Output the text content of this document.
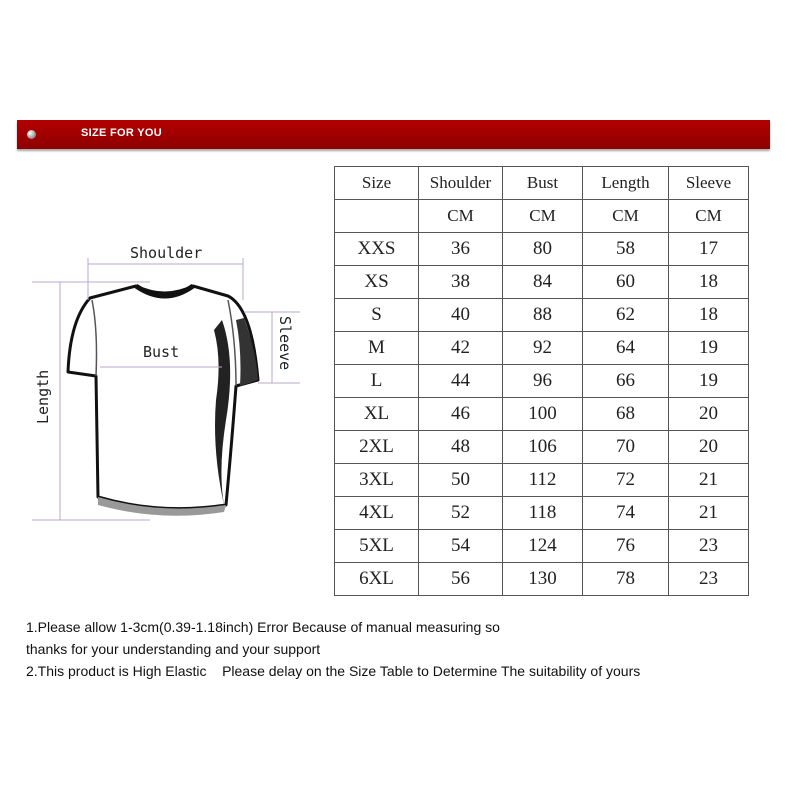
SIZE FOR YOU
Shoulder
Bust
Length
Sleeve
Size	Shoulder	Bust	Length	Sleeve
	CM	CM	CM	CM
XXS	36	80	58	17
XS	38	84	60	18
S	40	88	62	18
M	42	92	64	19
L	44	96	66	19
XL	46	100	68	20
2XL	48	106	70	20
3XL	50	112	72	21
4XL	52	118	74	21
5XL	54	124	76	23
6XL	56	130	78	23
1.Please allow 1-3cm(0.39-1.18inch) Error Because of manual measuring so
thanks for your understanding and your support
2.This product is High Elastic    Please delay on the Size Table to Determine The suitability of yours
